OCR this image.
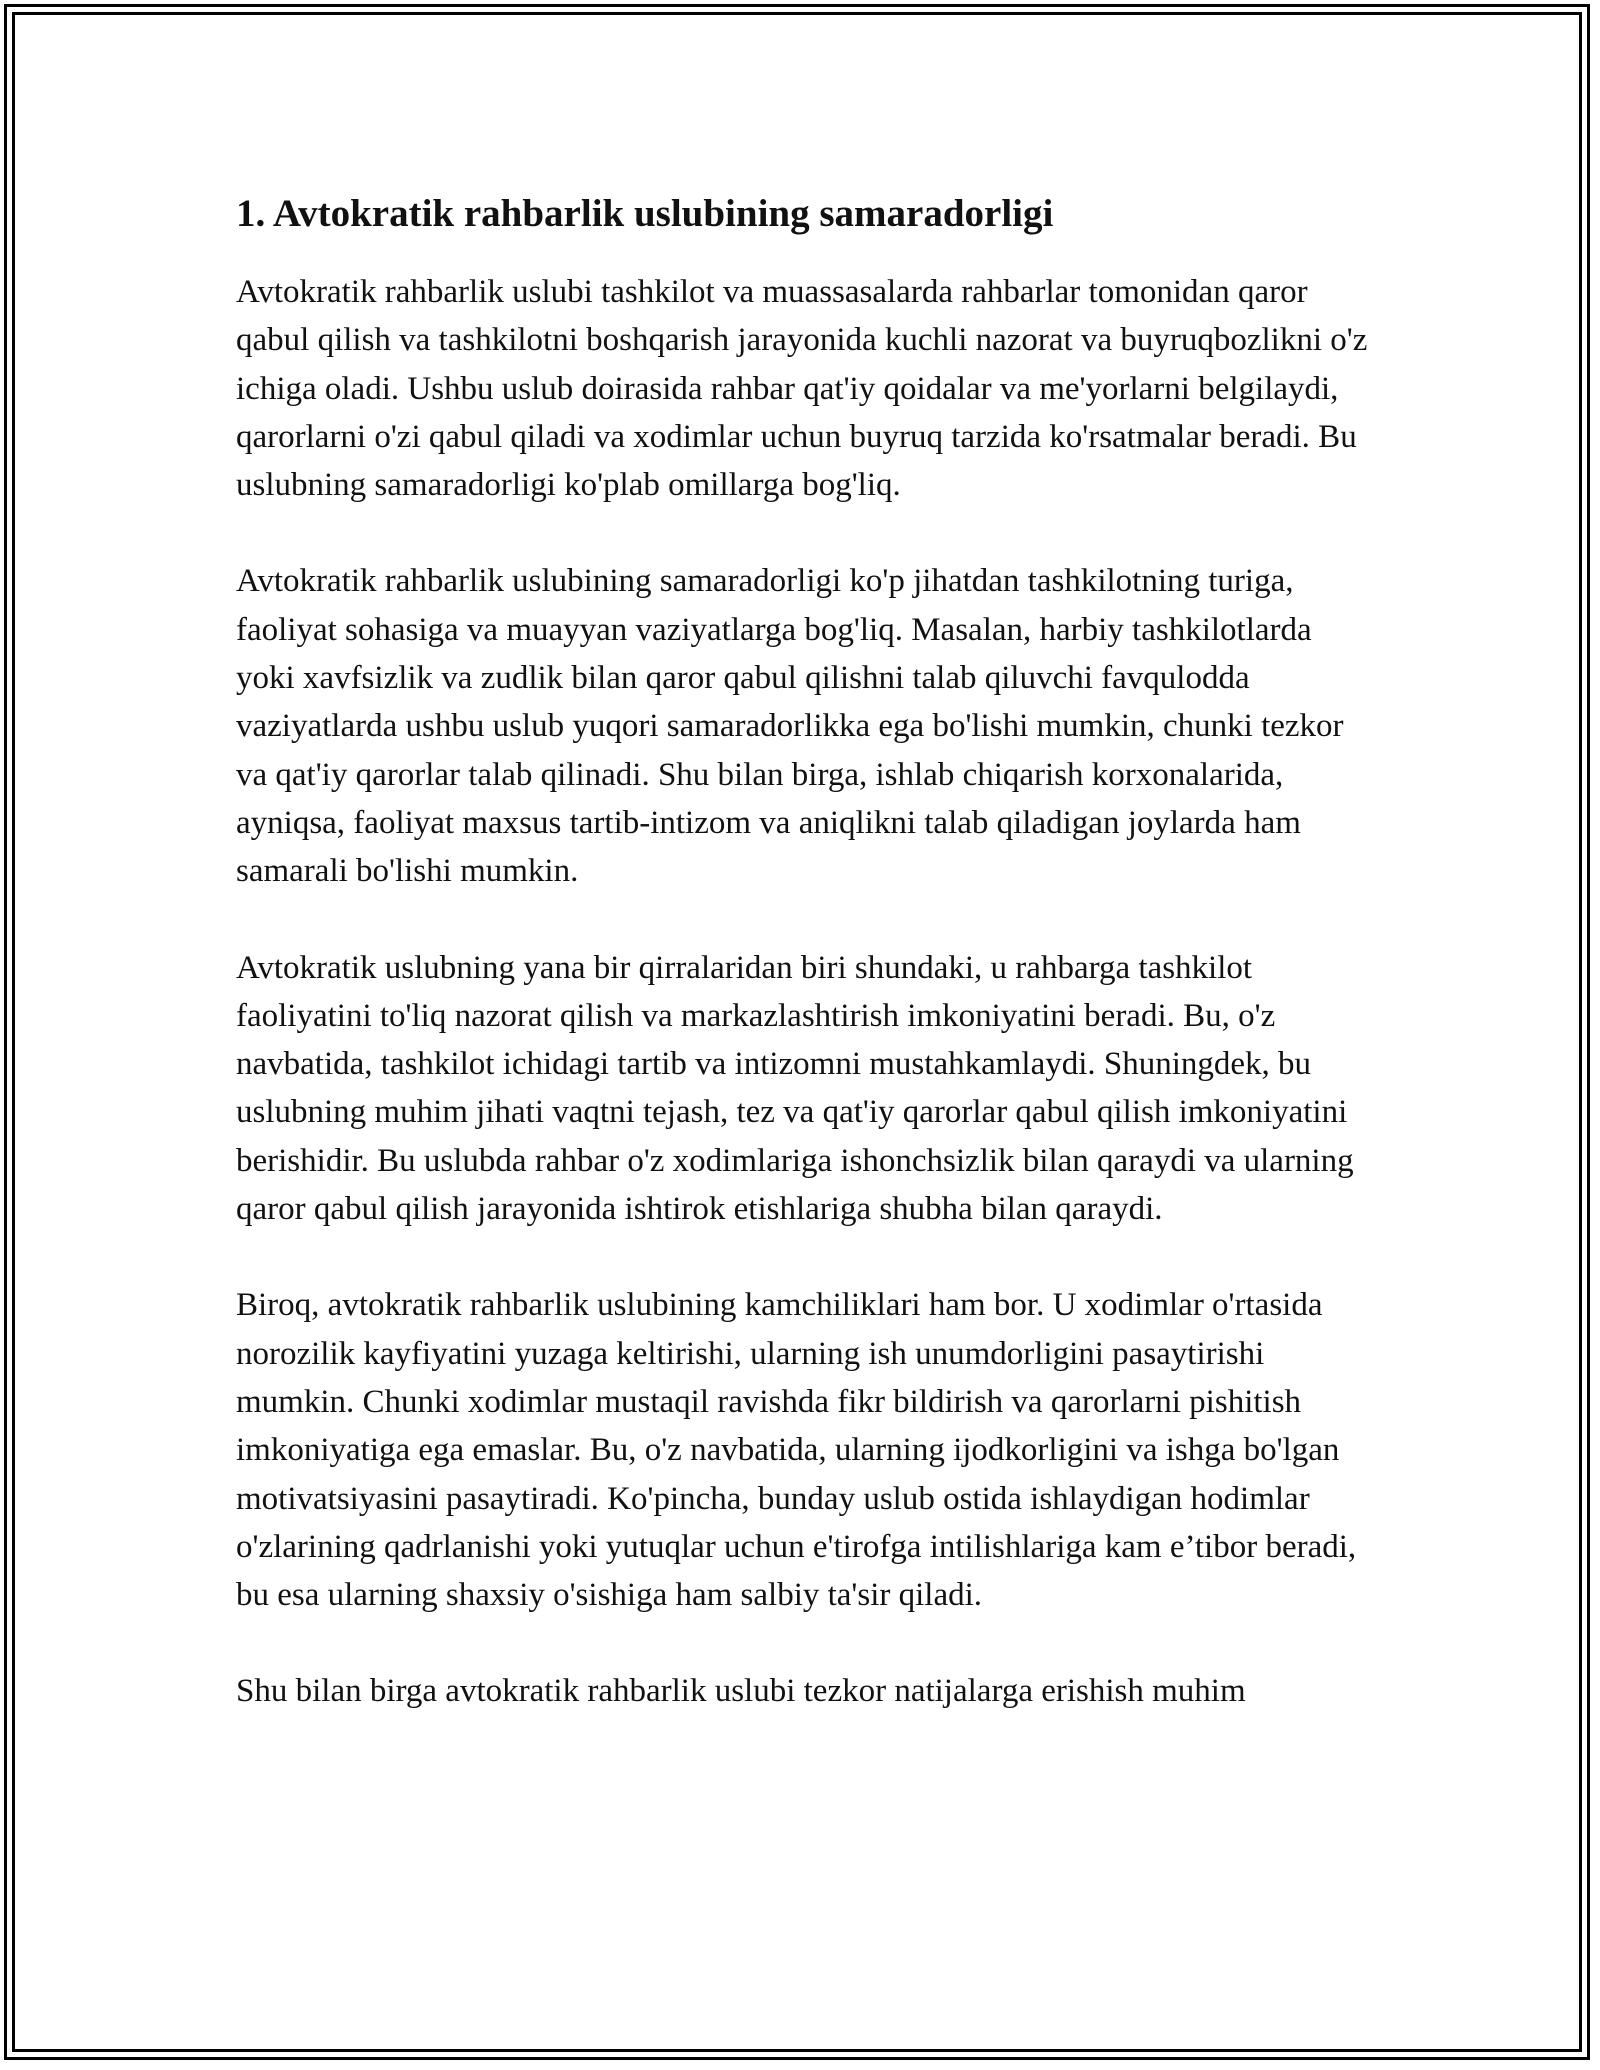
1. Avtokratik rahbarlik uslubining samaradorligi

Avtokratik rahbarlik uslubi tashkilot va muassasalarda rahbarlar tomonidan qaror qabul qilish va tashkilotni boshqarish jarayonida kuchli nazorat va buyruqbozlikni o'z ichiga oladi. Ushbu uslub doirasida rahbar qat'iy qoidalar va me'yorlarni belgilaydi, qarorlarni o'zi qabul qiladi va xodimlar uchun buyruq tarzida ko'rsatmalar beradi. Bu uslubning samaradorligi ko'plab omillarga bog'liq.

Avtokratik rahbarlik uslubining samaradorligi ko'p jihatdan tashkilotning turiga, faoliyat sohasiga va muayyan vaziyatlarga bog'liq. Masalan, harbiy tashkilotlarda yoki xavfsizlik va zudlik bilan qaror qabul qilishni talab qiluvchi favqulodda vaziyatlarda ushbu uslub yuqori samaradorlikka ega bo'lishi mumkin, chunki tezkor va qat'iy qarorlar talab qilinadi. Shu bilan birga, ishlab chiqarish korxonalarida, ayniqsa, faoliyat maxsus tartib-intizom va aniqlikni talab qiladigan joylarda ham samarali bo'lishi mumkin.

Avtokratik uslubning yana bir qirralaridan biri shundaki, u rahbarga tashkilot faoliyatini to'liq nazorat qilish va markazlashtirish imkoniyatini beradi. Bu, o'z navbatida, tashkilot ichidagi tartib va intizomni mustahkamlaydi. Shuningdek, bu uslubning muhim jihati vaqtni tejash, tez va qat'iy qarorlar qabul qilish imkoniyatini berishidir. Bu uslubda rahbar o'z xodimlariga ishonchsizlik bilan qaraydi va ularning qaror qabul qilish jarayonida ishtirok etishlariga shubha bilan qaraydi.

Biroq, avtokratik rahbarlik uslubining kamchiliklari ham bor. U xodimlar o'rtasida norozilik kayfiyatini yuzaga keltirishi, ularning ish unumdorligini pasaytirishi mumkin. Chunki xodimlar mustaqil ravishda fikr bildirish va qarorlarni pishitish imkoniyatiga ega emaslar. Bu, o'z navbatida, ularning ijodkorligini va ishga bo'lgan motivatsiyasini pasaytiradi. Ko'pincha, bunday uslub ostida ishlaydigan hodimlar o'zlarining qadrlanishi yoki yutuqlar uchun e'tirofga intilishlariga kam e’tibor beradi, bu esa ularning shaxsiy o'sishiga ham salbiy ta'sir qiladi.

Shu bilan birga avtokratik rahbarlik uslubi tezkor natijalarga erishish muhim
